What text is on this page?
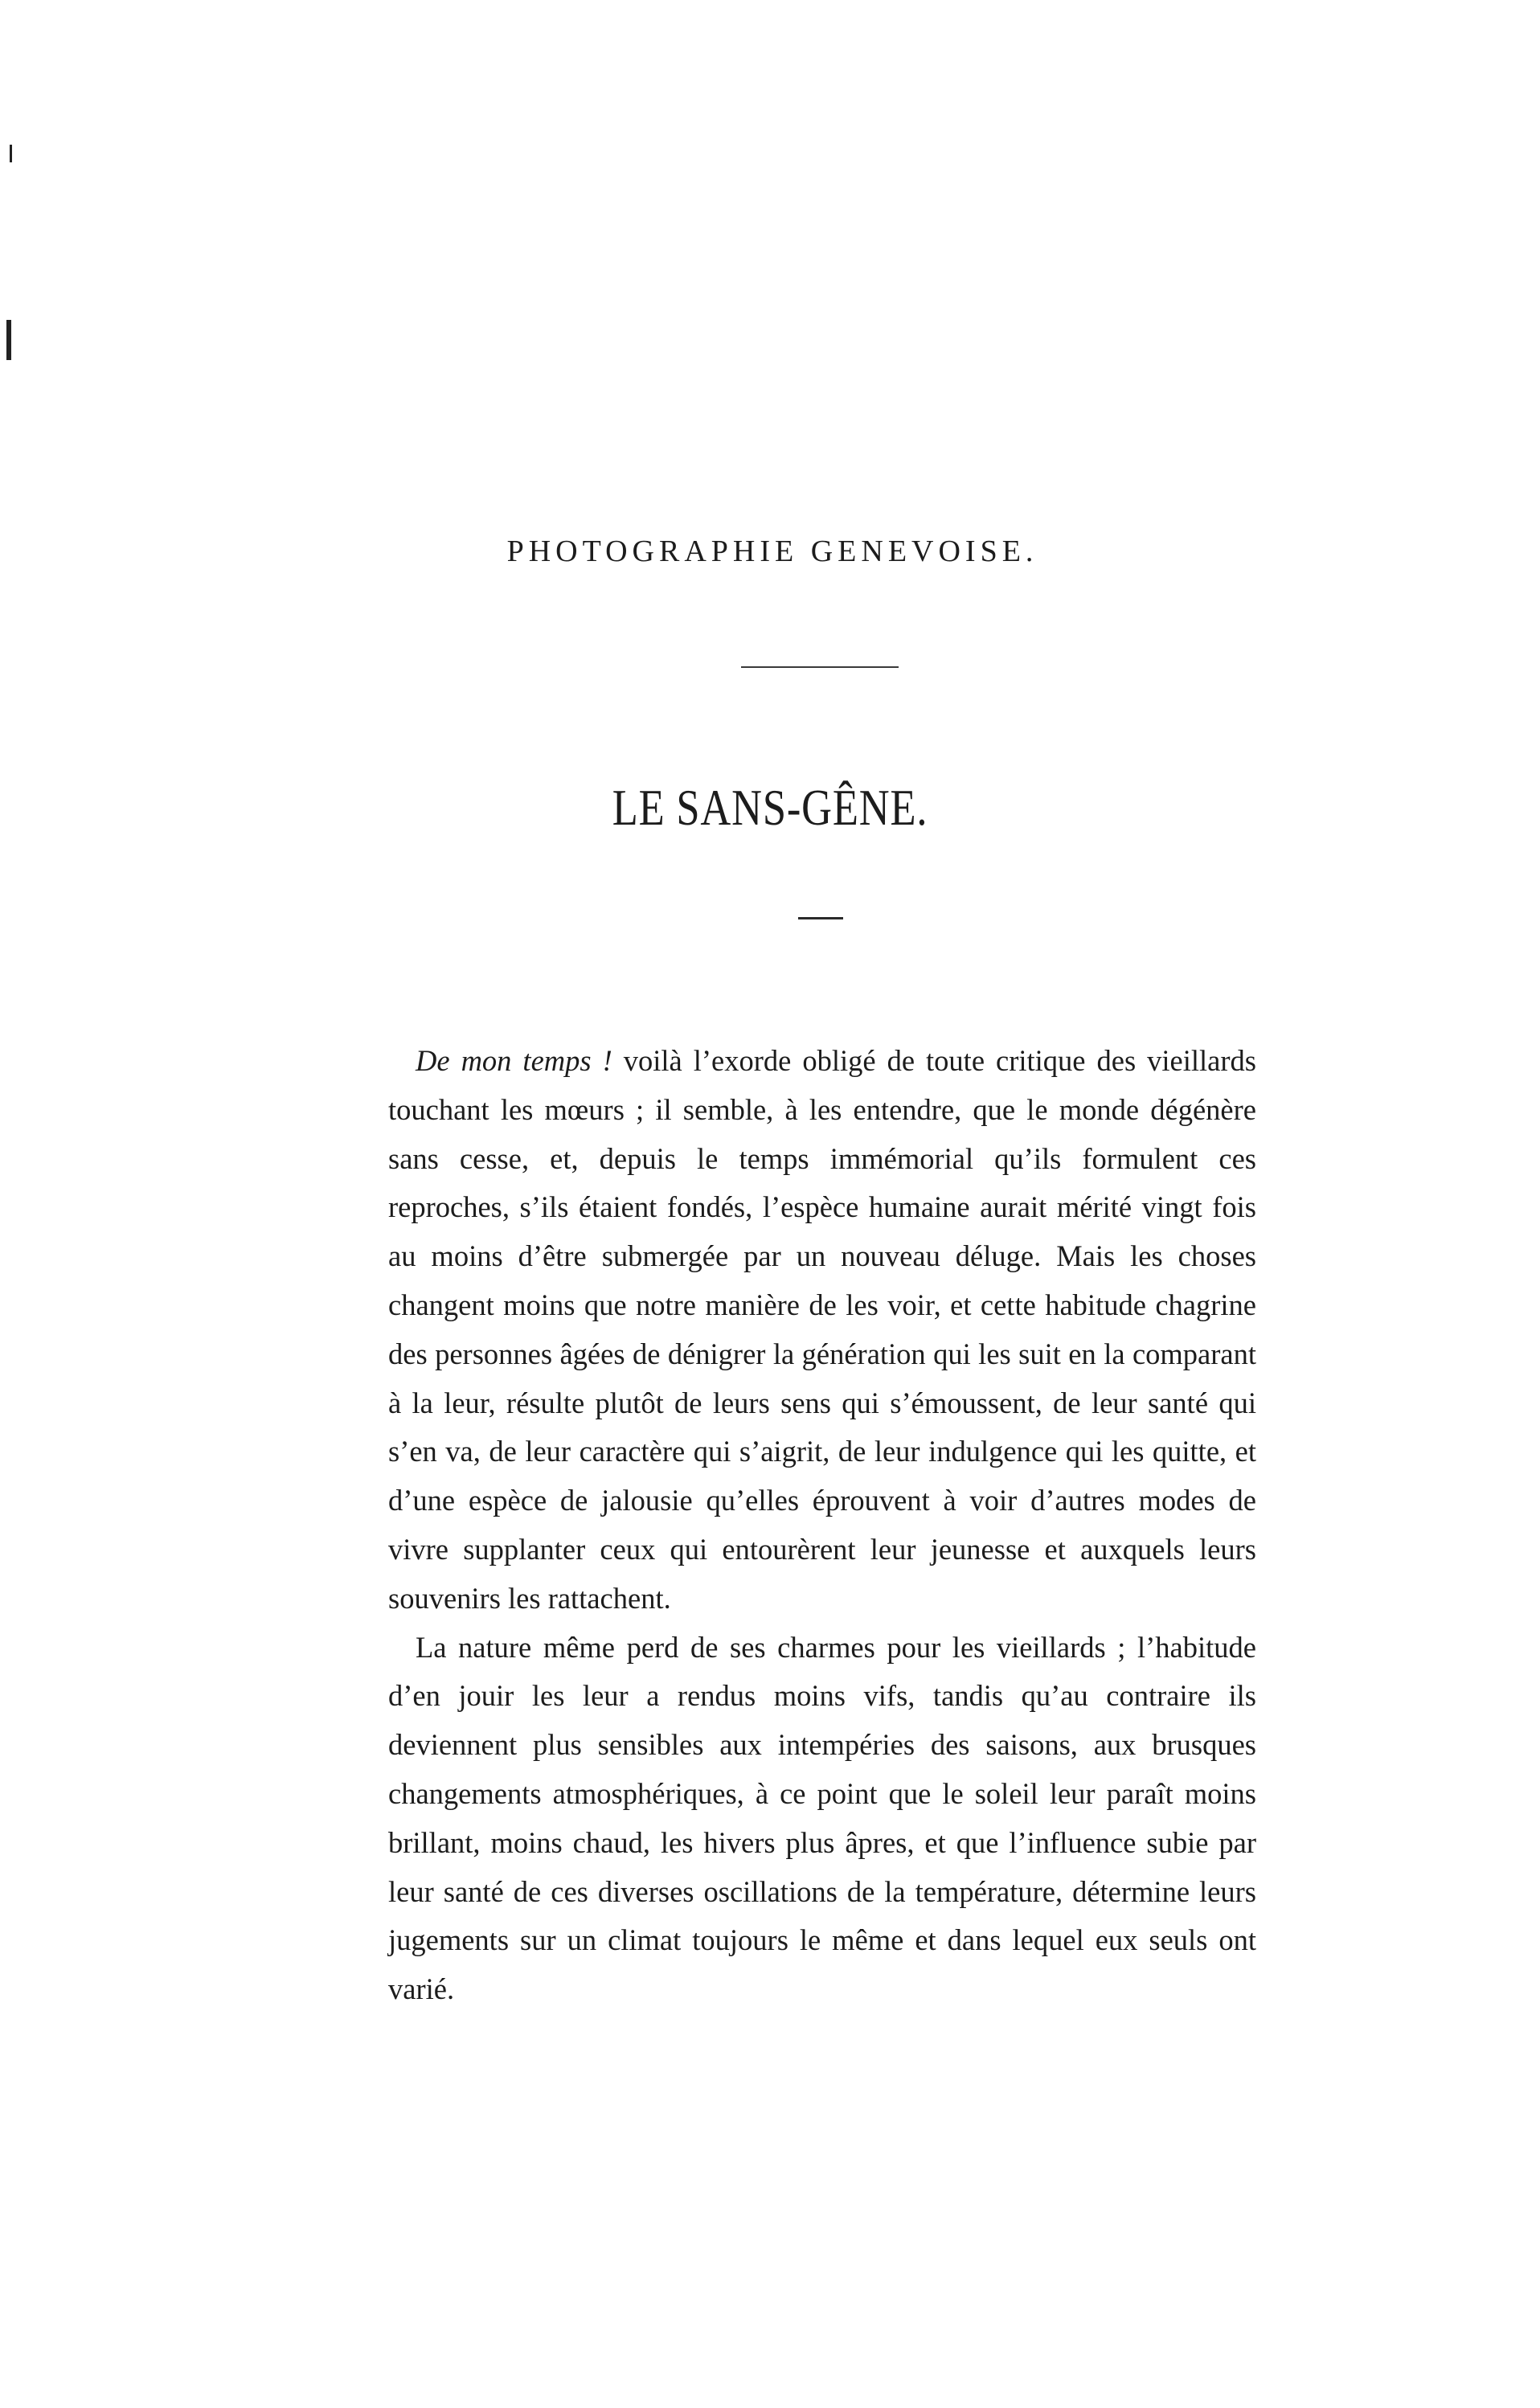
PHOTOGRAPHIE GENEVOISE.
LE SANS-GÊNE.

De mon temps ! voilà l’exorde obligé de toute critique des vieillards touchant les mœurs ; il semble, à les entendre, que le monde dégénère sans cesse, et, depuis le temps immémorial qu’ils formulent ces reproches, s’ils étaient fondés, l’espèce humaine aurait mérité vingt fois au moins d’être submergée par un nouveau déluge. Mais les choses changent moins que notre manière de les voir, et cette habitude chagrine des personnes âgées de dénigrer la génération qui les suit en la comparant à la leur, résulte plutôt de leurs sens qui s’émoussent, de leur santé qui s’en va, de leur caractère qui s’aigrit, de leur indulgence qui les quitte, et d’une espèce de jalousie qu’elles éprouvent à voir d’autres modes de vivre supplanter ceux qui entourèrent leur jeunesse et auxquels leurs souvenirs les rattachent.

La nature même perd de ses charmes pour les vieillards ; l’habitude d’en jouir les leur a rendus moins vifs, tandis qu’au contraire ils deviennent plus sensibles aux intempéries des saisons, aux brusques changements atmosphériques, à ce point que le soleil leur paraît moins brillant, moins chaud, les hivers plus âpres, et que l’influence subie par leur santé de ces diverses oscillations de la température, détermine leurs jugements sur un climat toujours le même et dans lequel eux seuls ont varié.
